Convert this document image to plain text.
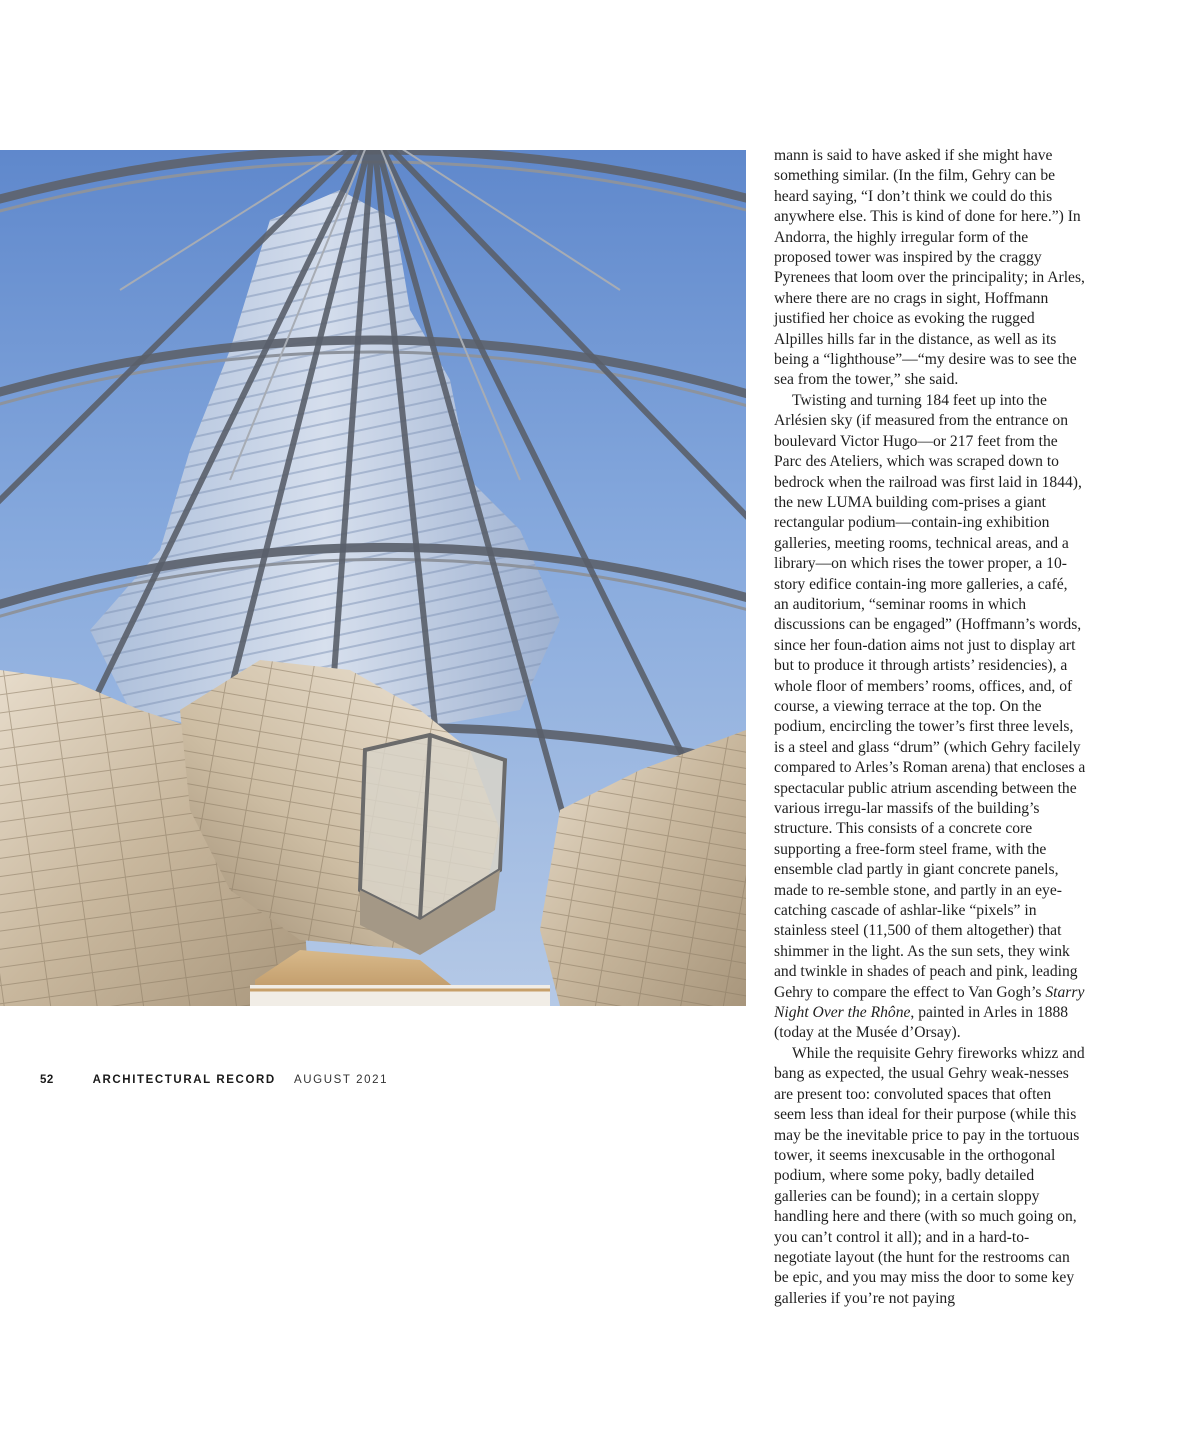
mann is said to have asked if she might have something similar. (In the film, Gehry can be heard saying, “I don’t think we could do this anywhere else. This is kind of done for here.”) In Andorra, the highly irregular form of the proposed tower was inspired by the craggy Pyrenees that loom over the principality; in Arles, where there are no crags in sight, Hoffmann justified her choice as evoking the rugged Alpilles hills far in the distance, as well as its being a “lighthouse”—“my desire was to see the sea from the tower,” she said.

Twisting and turning 184 feet up into the Arlésien sky (if measured from the entrance on boulevard Victor Hugo—or 217 feet from the Parc des Ateliers, which was scraped down to bedrock when the railroad was first laid in 1844), the new LUMA building com-prises a giant rectangular podium—contain-ing exhibition galleries, meeting rooms, technical areas, and a library—on which rises the tower proper, a 10-story edifice contain-ing more galleries, a café, an auditorium, “seminar rooms in which discussions can be engaged” (Hoffmann’s words, since her foun-dation aims not just to display art but to produce it through artists’ residencies), a whole floor of members’ rooms, offices, and, of course, a viewing terrace at the top. On the podium, encircling the tower’s first three levels, is a steel and glass “drum” (which Gehry facilely compared to Arles’s Roman arena) that encloses a spectacular public atrium ascending between the various irregu-lar massifs of the building’s structure. This consists of a concrete core supporting a free-form steel frame, with the ensemble clad partly in giant concrete panels, made to re-semble stone, and partly in an eye-catching cascade of ashlar-like “pixels” in stainless steel (11,500 of them altogether) that shimmer in the light. As the sun sets, they wink and twinkle in shades of peach and pink, leading Gehry to compare the effect to Van Gogh’s Starry Night Over the Rhône, painted in Arles in 1888 (today at the Musée d’Orsay).

While the requisite Gehry fireworks whizz and bang as expected, the usual Gehry weak-nesses are present too: convoluted spaces that often seem less than ideal for their purpose (while this may be the inevitable price to pay in the tortuous tower, it seems inexcusable in the orthogonal podium, where some poky, badly detailed galleries can be found); in a certain sloppy handling here and there (with so much going on, you can’t control it all); and in a hard-to-negotiate layout (the hunt for the restrooms can be epic, and you may miss the door to some key galleries if you’re not paying

52	ARCHITECTURAL RECORD AUGUST 2021
